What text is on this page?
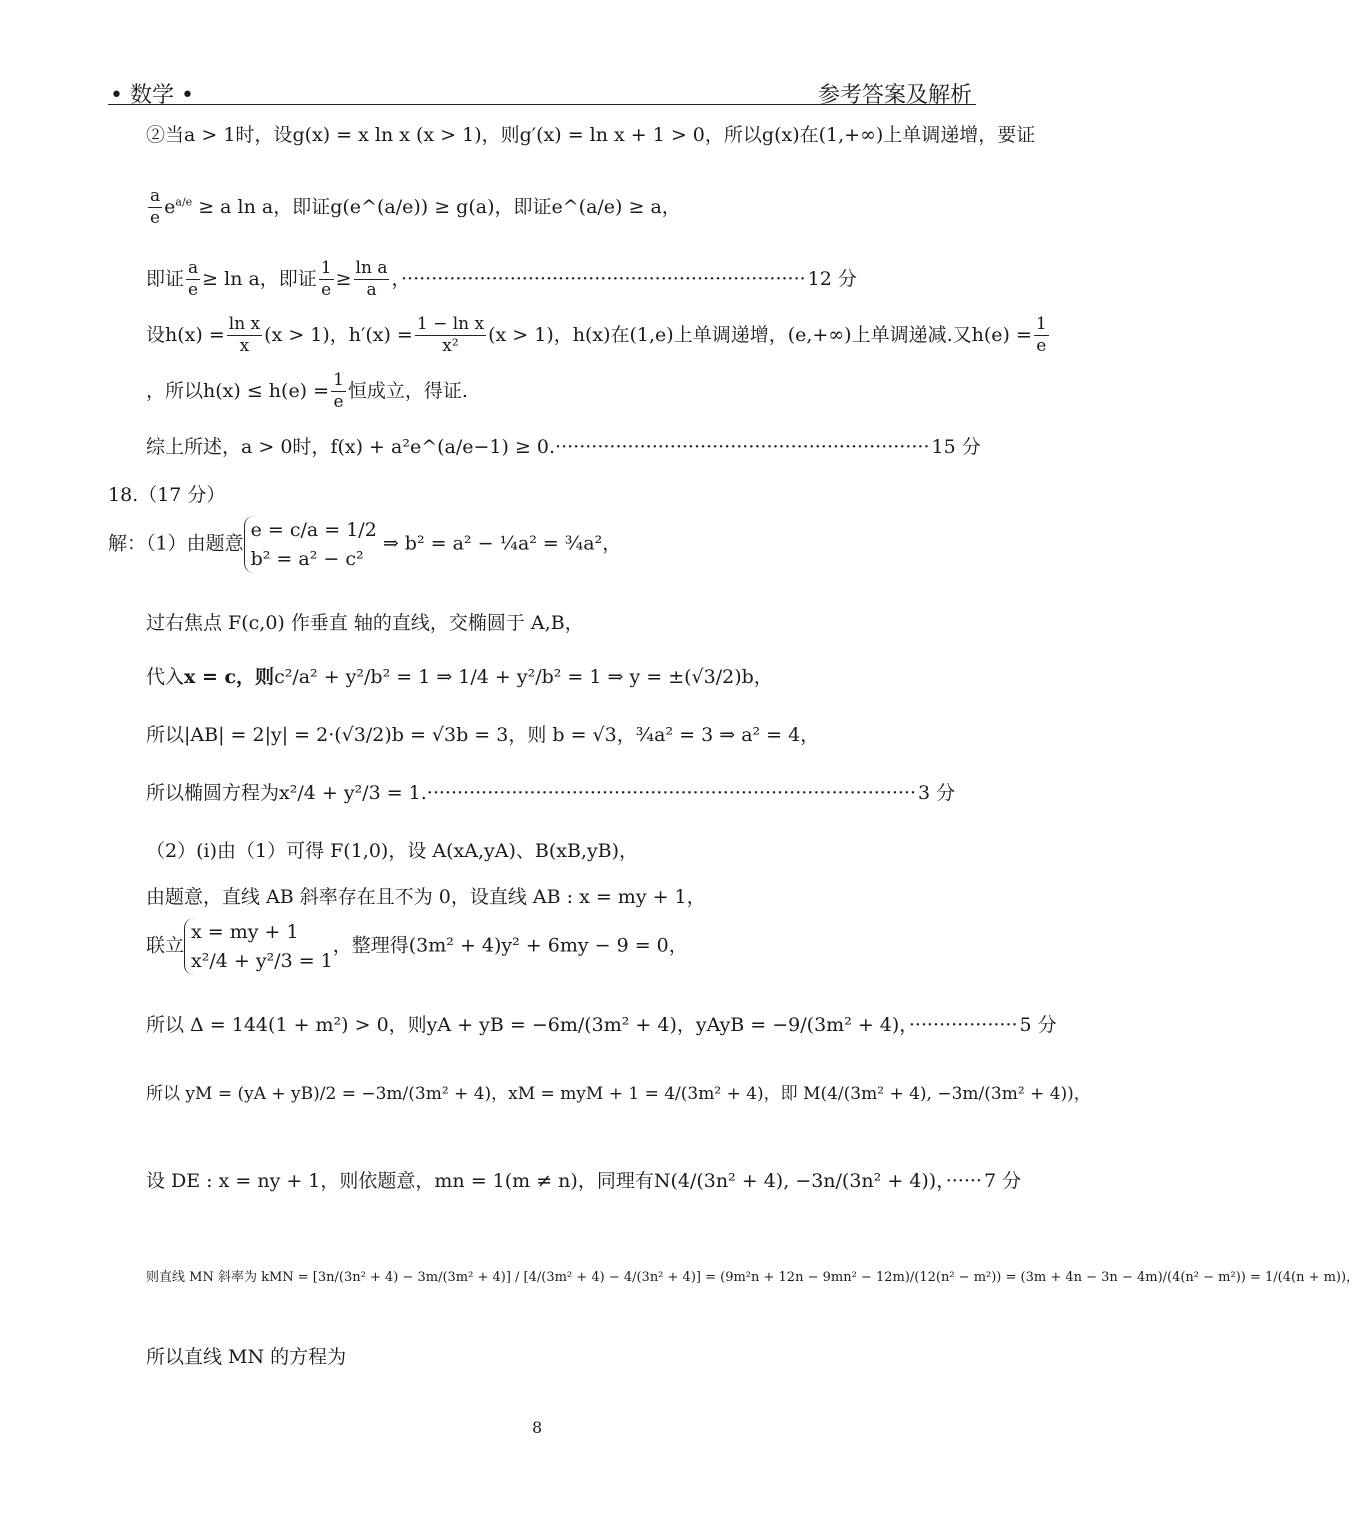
• 数学 •	参考答案及解析
②当a > 1时，设g(x) = x ln x (x > 1)，则g′(x) = ln x + 1 > 0，所以g(x)在(1,+∞)上单调递增，要证
$\frac{a}{e} e^{a/e} \ge a$ ln a，即证g(e^(a/e)) ≥ g(a)，即证e^(a/e) ≥ a，
即证 $\frac{a}{e} \ge \ln a$，即证 $\frac{1}{e} \ge \frac{\text{ln a}}{a}$ ，··································································· 12 分
设$h(x) = \frac{\text{ln x}}{x} (x > 1)$，$h'(x) = \frac{\text{1 − ln x}}{\text{x²}} (x > 1)$，h(x)在(1,e)上单调递增，(e,+∞)上单调递减.又$h(e) = \frac{1}{e}$
，所以$h(x) \le h(e) = \frac{1}{e}$ 恒成立，得证.
综上所述，a > 0时，f(x) + a²e^(a/e−1) ≥ 0.······························································ 15 分
18.（17 分）
解：（1）由题意
e = c/a = 1/2
b² = a² − c²
⇒ b² = a² − ¼a² = ¾a²，
过右焦点 F(c,0) 作垂直 轴的直线，交椭圆于 A,B，
代入x = c，则c²/a² + y²/b² = 1 ⇒ 1/4 + y²/b² = 1 ⇒ y = ±(√3/2)b，
所以|AB| = 2|y| = 2·(√3/2)b = √3b = 3，则 b = √3，¾a² = 3 ⇒ a² = 4，
所以椭圆方程为x²/4 + y²/3 = 1.················································································· 3 分
（2）(i)由（1）可得 F(1,0)，设 A(xA,yA)、B(xB,yB)，
由题意，直线 AB 斜率存在且不为 0，设直线 AB : x = my + 1，
联立
x = my + 1
x²/4 + y²/3 = 1
，整理得(3m² + 4)y² + 6my − 9 = 0，
所以 Δ = 144(1 + m²) > 0，则yA + yB = −6m/(3m² + 4)，yAyB = −9/(3m² + 4)，·················· 5 分
所以 yM = (yA + yB)/2 = −3m/(3m² + 4)，xM = myM + 1 = 4/(3m² + 4)，即 M(4/(3m² + 4), −3m/(3m² + 4))，
设 DE : x = ny + 1，则依题意，mn = 1(m ≠ n)，同理有N(4/(3n² + 4), −3n/(3n² + 4))，······ 7 分
则直线 MN 斜率为 kMN = [3n/(3n² + 4) − 3m/(3m² + 4)] / [4/(3m² + 4) − 4/(3n² + 4)] = (9m²n + 12n − 9mn² − 12m)/(12(n² − m²)) = (3m + 4n − 3n − 4m)/(4(n² − m²)) = 1/(4(n + m))，
所以直线 MN 的方程为
8
